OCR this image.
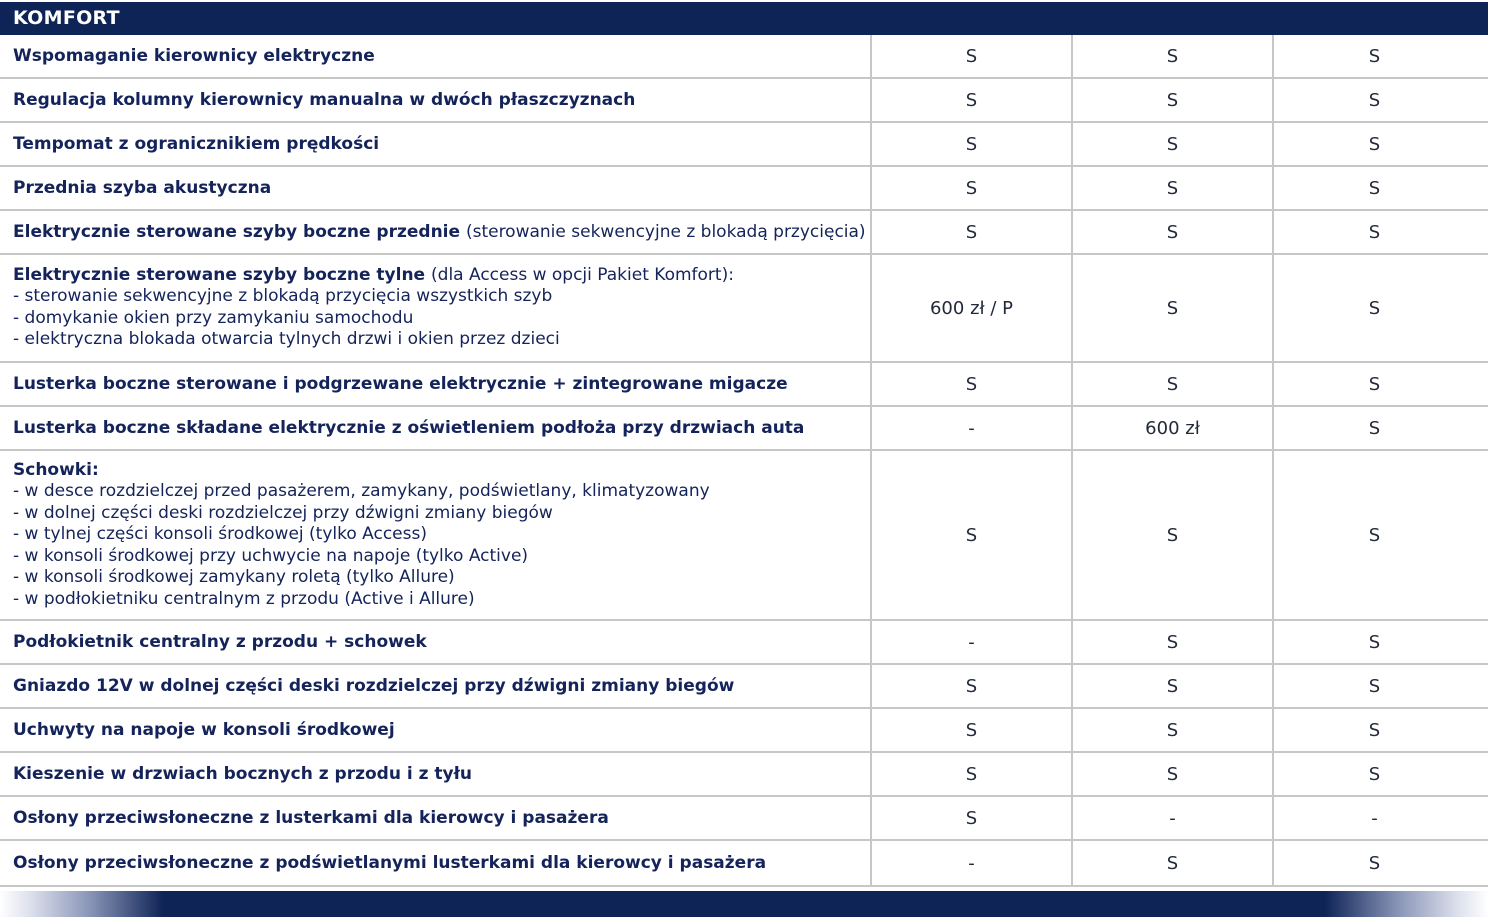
KOMFORT
Wspomaganie kierownicy elektryczne	S	S	S
Regulacja kolumny kierownicy manualna w dwóch płaszczyznach	S	S	S
Tempomat z ogranicznikiem prędkości	S	S	S
Przednia szyba akustyczna	S	S	S
Elektrycznie sterowane szyby boczne przednie (sterowanie sekwencyjne z blokadą przycięcia)	S	S	S
Elektrycznie sterowane szyby boczne tylne (dla Access w opcji Pakiet Komfort):
- sterowanie sekwencyjne z blokadą przycięcia wszystkich szyb
- domykanie okien przy zamykaniu samochodu
- elektryczna blokada otwarcia tylnych drzwi i okien przez dzieci
600 zł / P	S	S
Lusterka boczne sterowane i podgrzewane elektrycznie + zintegrowane migacze	S	S	S
Lusterka boczne składane elektrycznie z oświetleniem podłoża przy drzwiach auta	-	600 zł	S
Schowki:
- w desce rozdzielczej przed pasażerem, zamykany, podświetlany, klimatyzowany
- w dolnej części deski rozdzielczej przy dźwigni zmiany biegów
- w tylnej części konsoli środkowej (tylko Access)
- w konsoli środkowej przy uchwycie na napoje (tylko Active)
- w konsoli środkowej zamykany roletą (tylko Allure)
- w podłokietniku centralnym z przodu (Active i Allure)
S	S	S
Podłokietnik centralny z przodu + schowek	-	S	S
Gniazdo 12V w dolnej części deski rozdzielczej przy dźwigni zmiany biegów	S	S	S
Uchwyty na napoje w konsoli środkowej	S	S	S
Kieszenie w drzwiach bocznych z przodu i z tyłu	S	S	S
Osłony przeciwsłoneczne z lusterkami dla kierowcy i pasażera	S	-	-
Osłony przeciwsłoneczne z podświetlanymi lusterkami dla kierowcy i pasażera	-	S	S
